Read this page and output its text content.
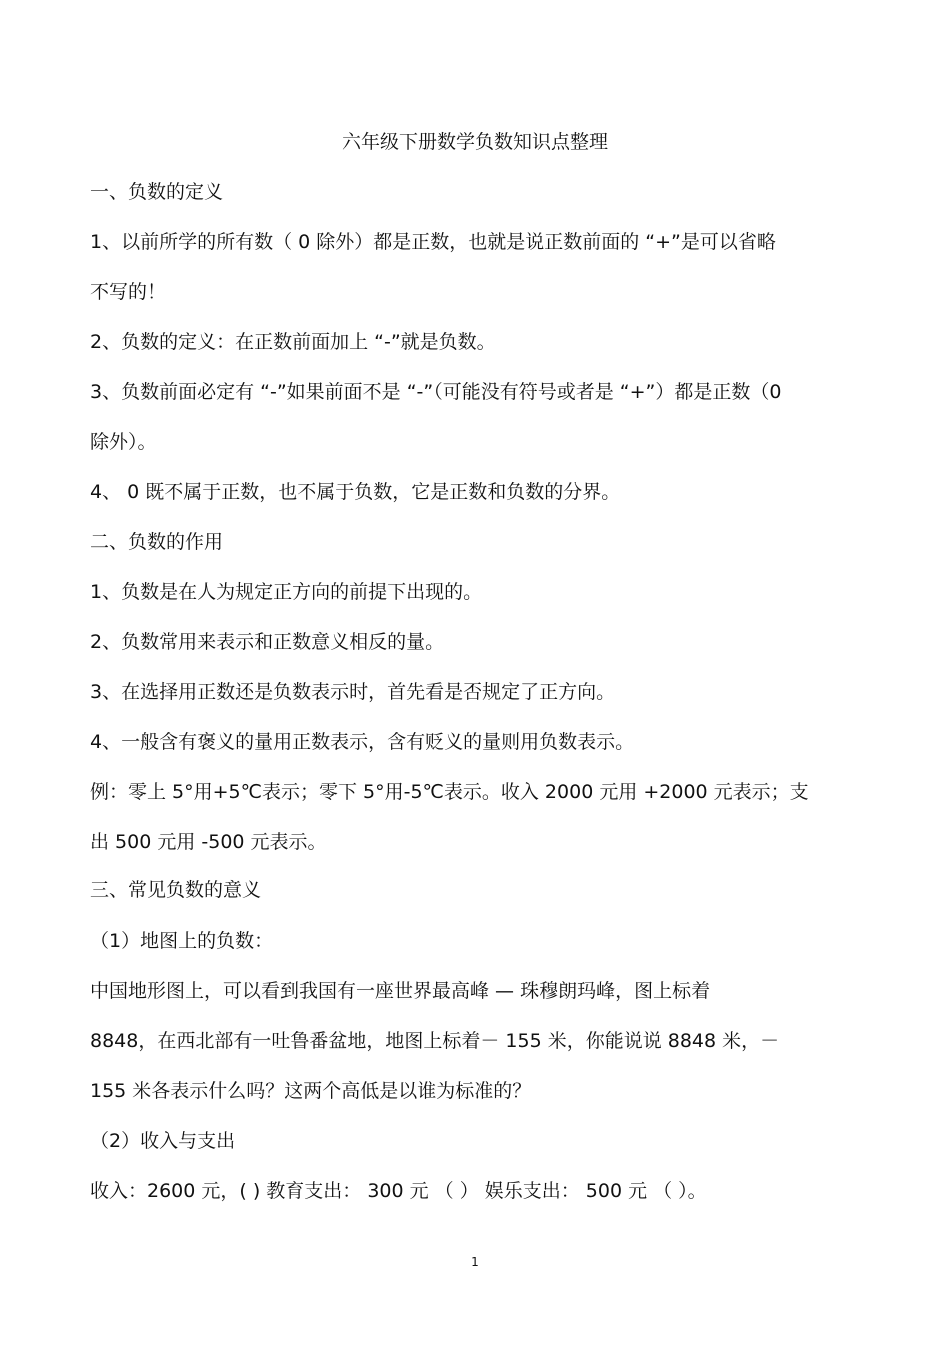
六年级下册数学负数知识点整理
一、负数的定义
1、以前所学的所有数（ 0 除外）都是正数，也就是说正数前面的 “+”是可以省略
不写的！
2、负数的定义：在正数前面加上 “-”就是负数。
3、负数前面必定有 “-”如果前面不是 “-”（可能没有符号或者是 “+”）都是正数（0
除外）。
4、 0 既不属于正数，也不属于负数，它是正数和负数的分界。
二、负数的作用
1、负数是在人为规定正方向的前提下出现的。
2、负数常用来表示和正数意义相反的量。
3、在选择用正数还是负数表示时，首先看是否规定了正方向。
4、一般含有褒义的量用正数表示，含有贬义的量则用负数表示。
例：零上 5°用+5℃表示；零下 5°用-5℃表示。收入 2000 元用 +2000 元表示；支
出 500 元用 -500 元表示。
三、常见负数的意义
（1）地图上的负数：
中国地形图上，可以看到我国有一座世界最高峰 — 珠穆朗玛峰，图上标着
8848，在西北部有一吐鲁番盆地，地图上标着－ 155 米，你能说说 8848 米，－
155 米各表示什么吗？这两个高低是以谁为标准的？
（2）收入与支出
收入：2600 元，( ) 教育支出： 300 元 （ ） 娱乐支出： 500 元 （ ）。
1
